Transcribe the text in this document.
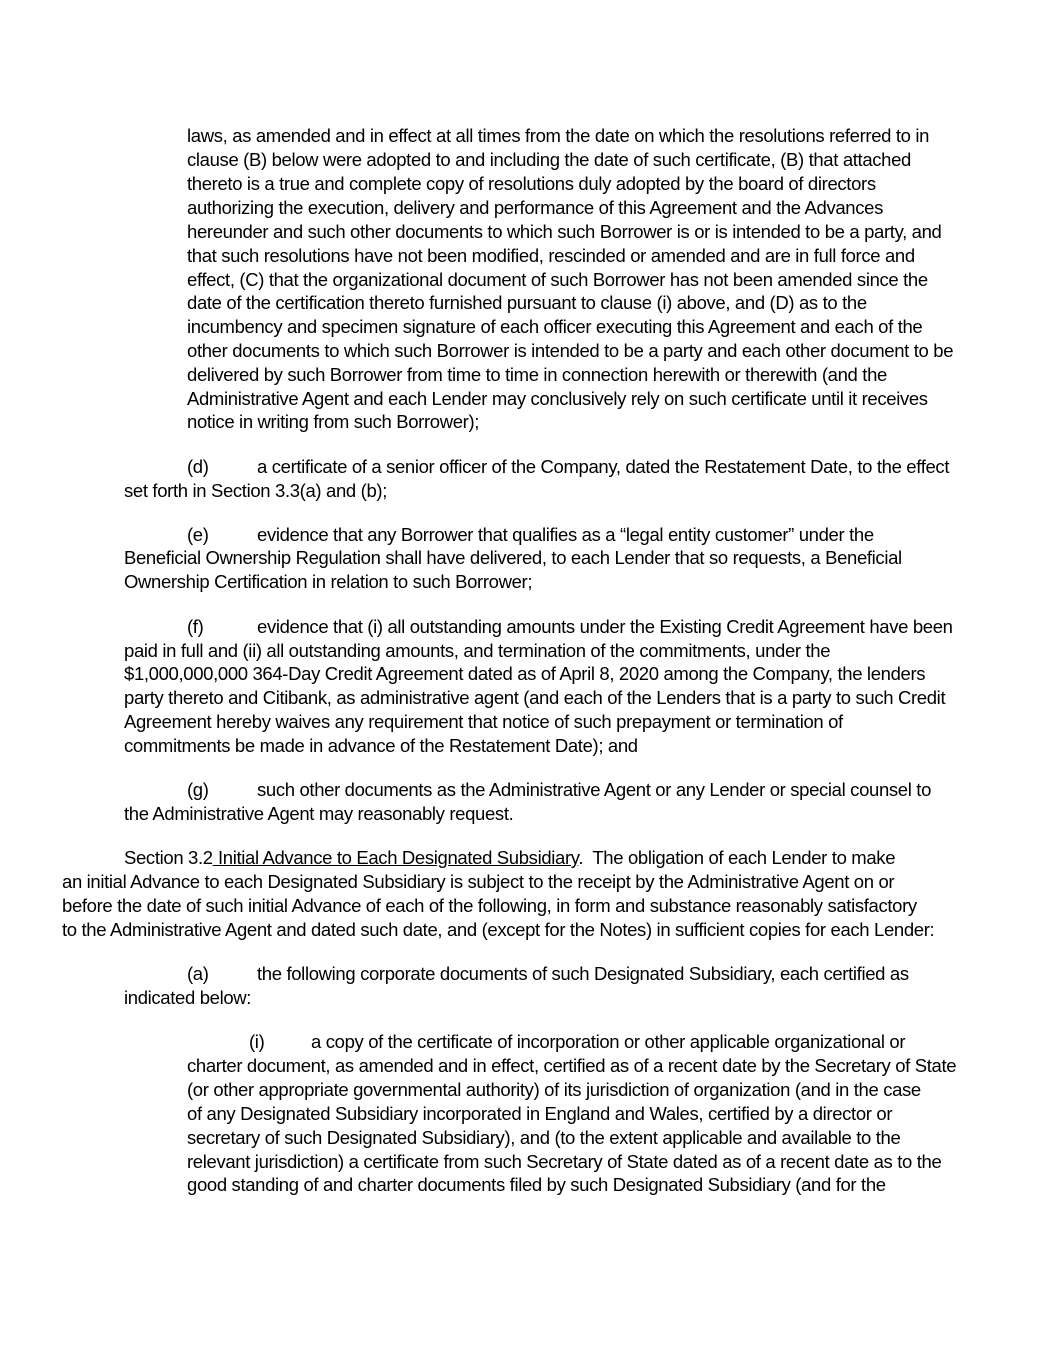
laws, as amended and in effect at all times from the date on which the resolutions referred to in
clause (B) below were adopted to and including the date of such certificate, (B) that attached
thereto is a true and complete copy of resolutions duly adopted by the board of directors
authorizing the execution, delivery and performance of this Agreement and the Advances
hereunder and such other documents to which such Borrower is or is intended to be a party, and
that such resolutions have not been modified, rescinded or amended and are in full force and
effect, (C) that the organizational document of such Borrower has not been amended since the
date of the certification thereto furnished pursuant to clause (i) above, and (D) as to the
incumbency and specimen signature of each officer executing this Agreement and each of the
other documents to which such Borrower is intended to be a party and each other document to be
delivered by such Borrower from time to time in connection herewith or therewith (and the
Administrative Agent and each Lender may conclusively rely on such certificate until it receives
notice in writing from such Borrower);
(d)	a certificate of a senior officer of the Company, dated the Restatement Date, to the effect
set forth in Section 3.3(a) and (b);
(e)	evidence that any Borrower that qualifies as a “legal entity customer” under the
Beneficial Ownership Regulation shall have delivered, to each Lender that so requests, a Beneficial
Ownership Certification in relation to such Borrower;
(f)	evidence that (i) all outstanding amounts under the Existing Credit Agreement have been
paid in full and (ii) all outstanding amounts, and termination of the commitments, under the
$1,000,000,000 364-Day Credit Agreement dated as of April 8, 2020 among the Company, the lenders
party thereto and Citibank, as administrative agent (and each of the Lenders that is a party to such Credit
Agreement hereby waives any requirement that notice of such prepayment or termination of
commitments be made in advance of the Restatement Date); and
(g)	such other documents as the Administrative Agent or any Lender or special counsel to
the Administrative Agent may reasonably request.
Section 3.2 Initial Advance to Each Designated Subsidiary.  The obligation of each Lender to make
an initial Advance to each Designated Subsidiary is subject to the receipt by the Administrative Agent on or
before the date of such initial Advance of each of the following, in form and substance reasonably satisfactory
to the Administrative Agent and dated such date, and (except for the Notes) in sufficient copies for each Lender:
(a)	the following corporate documents of such Designated Subsidiary, each certified as
indicated below:
(i)	a copy of the certificate of incorporation or other applicable organizational or
charter document, as amended and in effect, certified as of a recent date by the Secretary of State
(or other appropriate governmental authority) of its jurisdiction of organization (and in the case
of any Designated Subsidiary incorporated in England and Wales, certified by a director or
secretary of such Designated Subsidiary), and (to the extent applicable and available to the
relevant jurisdiction) a certificate from such Secretary of State dated as of a recent date as to the
good standing of and charter documents filed by such Designated Subsidiary (and for the
